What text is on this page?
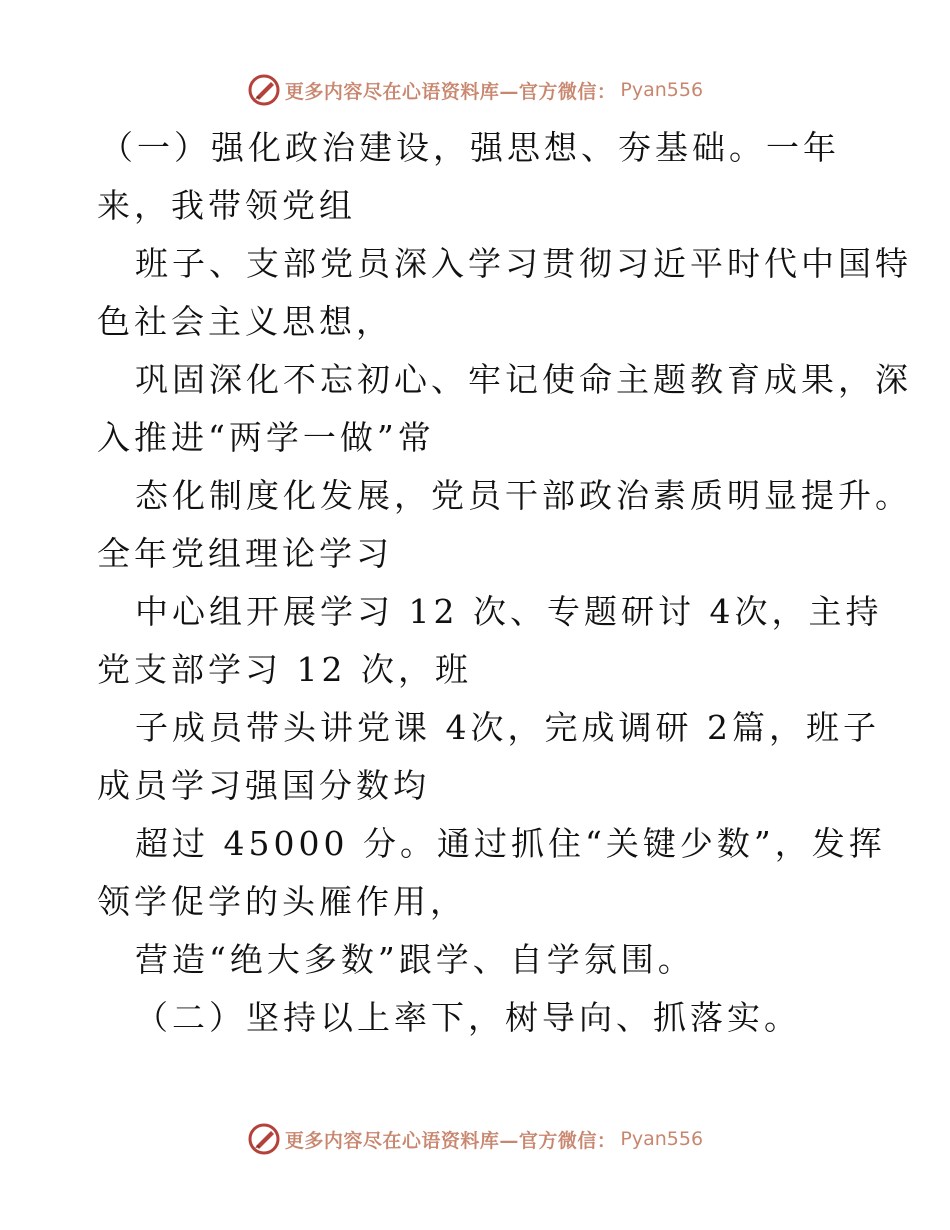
更多内容尽在心语资料库—官方微信： Pyan556
（一）强化政治建设，强思想、夯基础。一年
来，我带领党组
班子、支部党员深入学习贯彻习近平时代中国特
色社会主义思想，
巩固深化不忘初心、牢记使命主题教育成果，深
入推进“两学一做”常
态化制度化发展，党员干部政治素质明显提升。
全年党组理论学习
中心组开展学习 12 次、专题研讨 4次，主持
党支部学习 12 次，班
子成员带头讲党课 4次，完成调研 2篇，班子
成员学习强国分数均
超过 45000 分。通过抓住“关键少数”，发挥
领学促学的头雁作用，
营造“绝大多数”跟学、自学氛围。
（二）坚持以上率下，树导向、抓落实。
更多内容尽在心语资料库—官方微信： Pyan556
